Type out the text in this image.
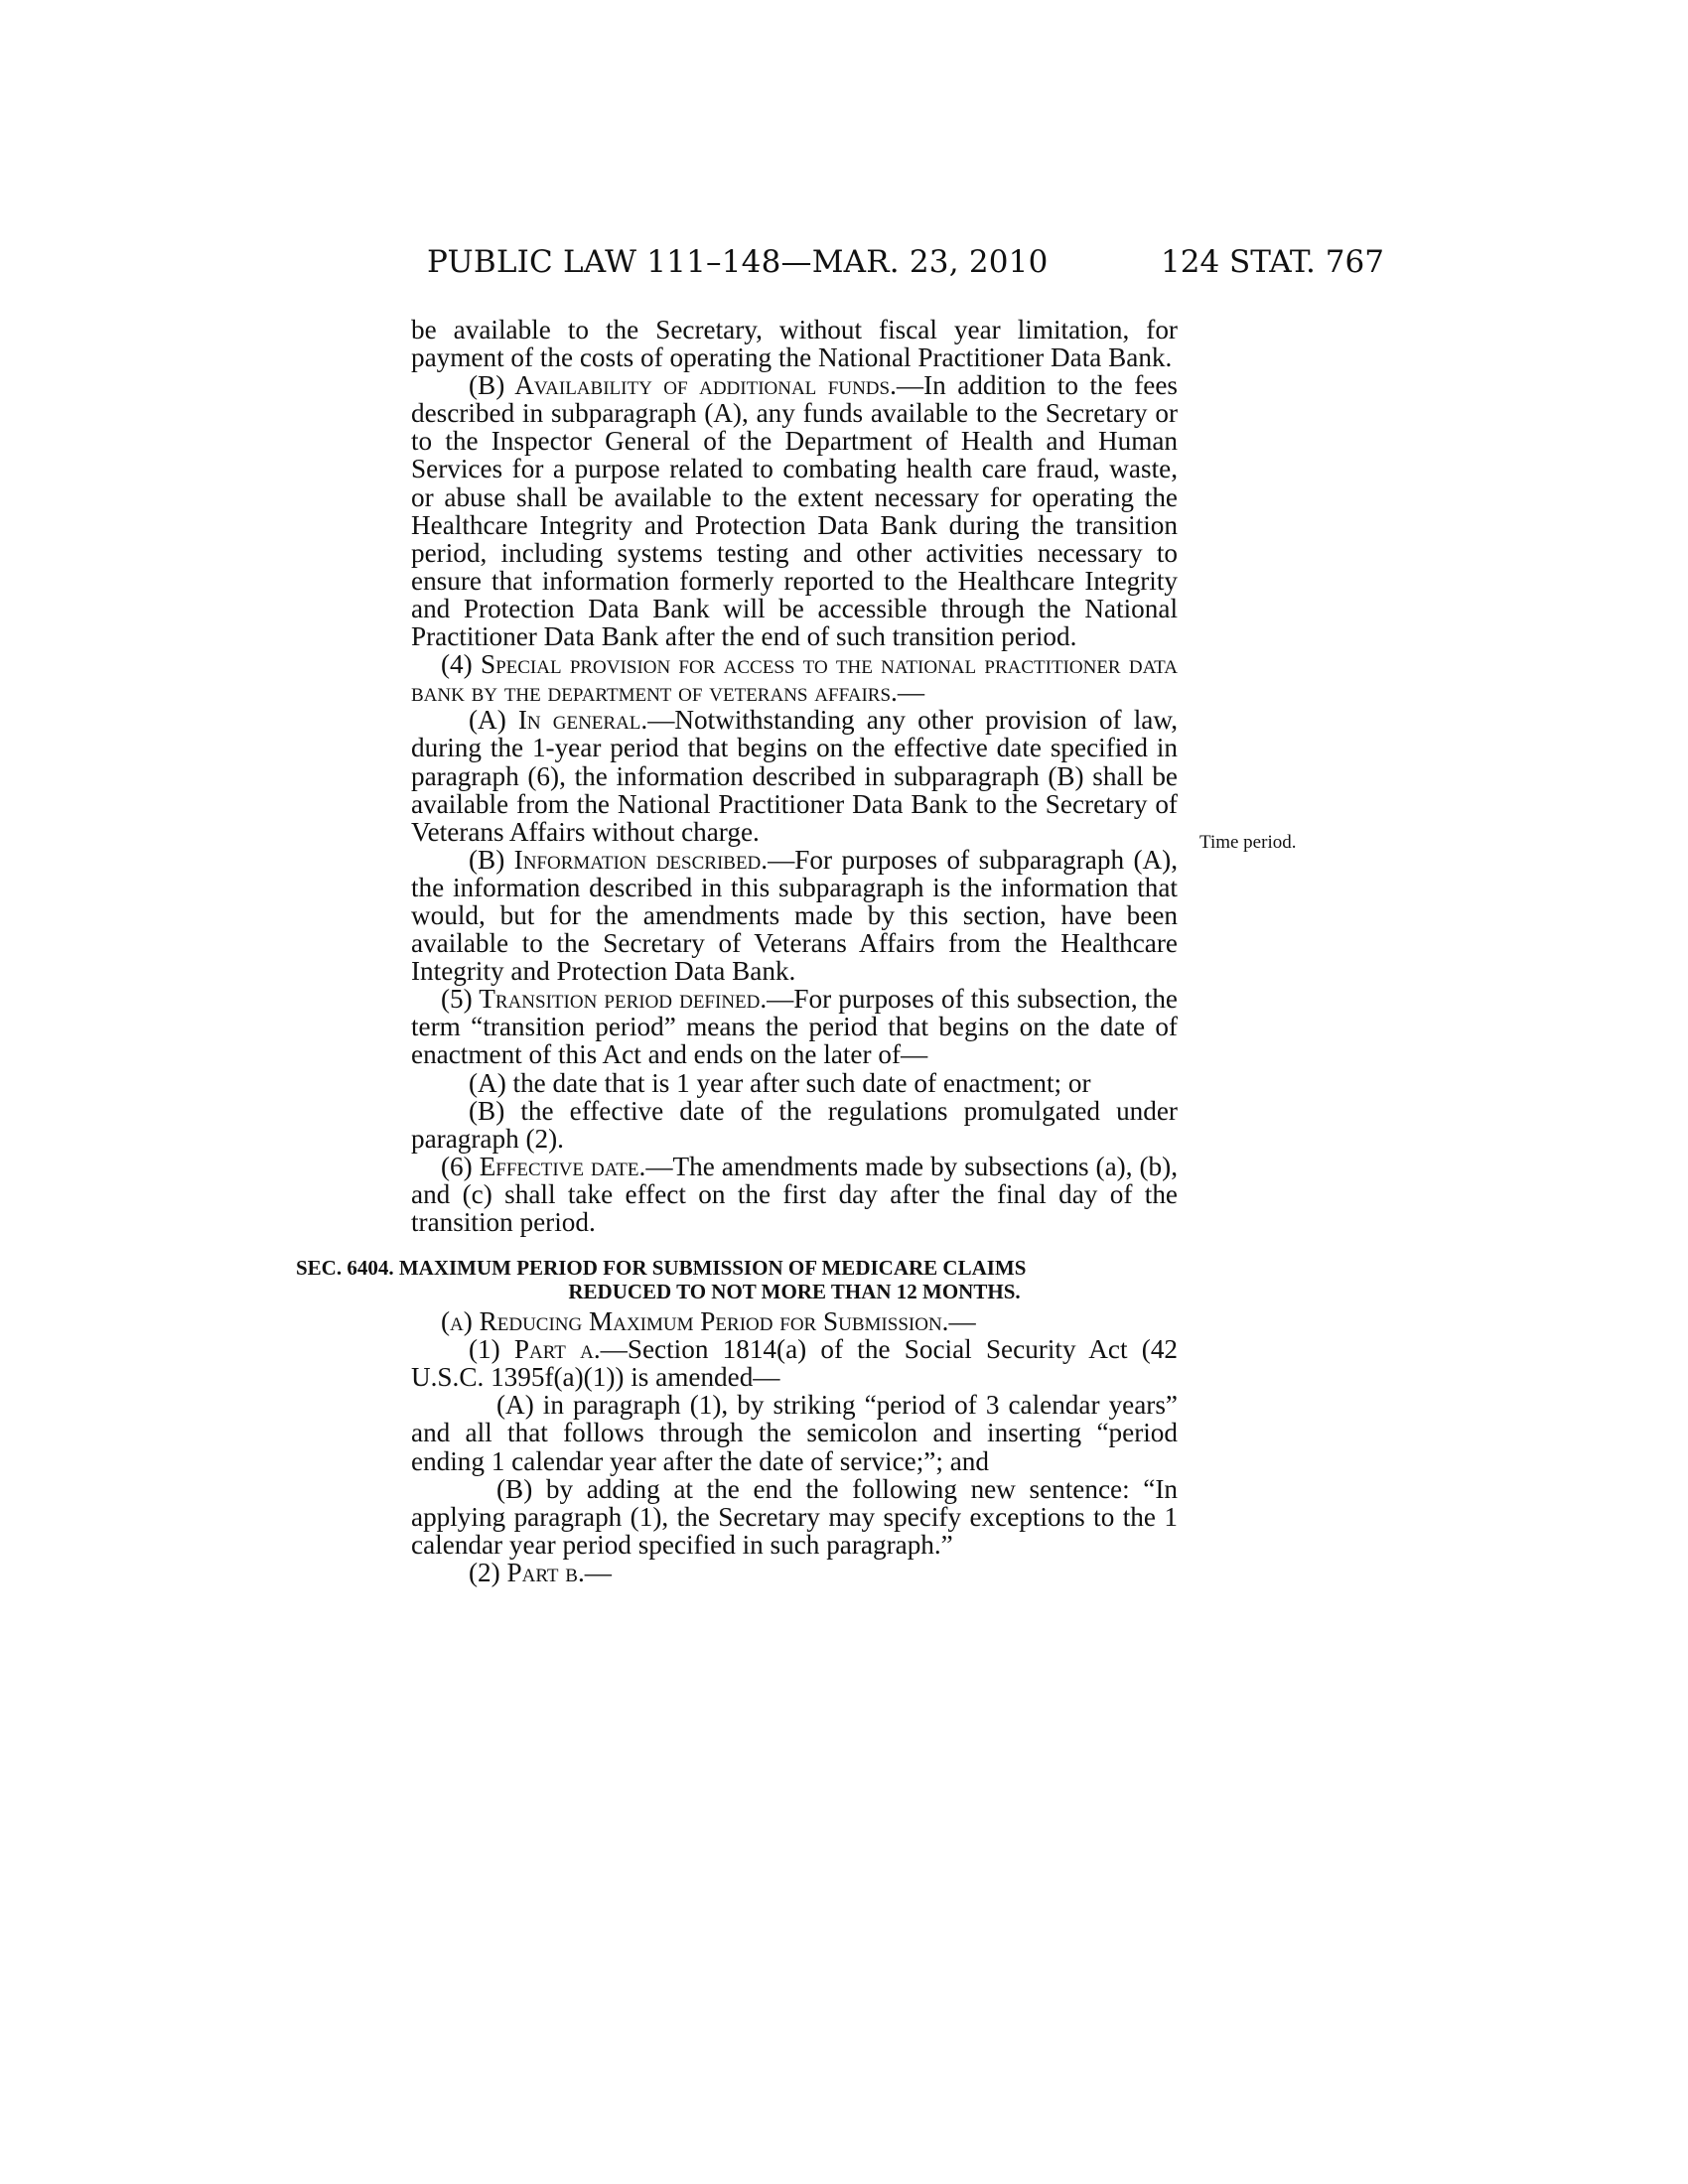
PUBLIC LAW 111–148—MAR. 23, 2010	124 STAT. 767

be available to the Secretary, without fiscal year limitation, for payment of the costs of operating the National Practitioner Data Bank.

(B) Availability of additional funds.—In addition to the fees described in subparagraph (A), any funds available to the Secretary or to the Inspector General of the Department of Health and Human Services for a purpose related to combating health care fraud, waste, or abuse shall be available to the extent necessary for operating the Healthcare Integrity and Protection Data Bank during the transition period, including systems testing and other activities necessary to ensure that information formerly reported to the Healthcare Integrity and Protection Data Bank will be accessible through the National Practitioner Data Bank after the end of such transition period.

(4) Special provision for access to the national practitioner data bank by the department of veterans affairs.—

(A) In general.—Notwithstanding any other provision of law, during the 1-year period that begins on the effective date specified in paragraph (6), the information described in subparagraph (B) shall be available from the National Practitioner Data Bank to the Secretary of Veterans Affairs without charge.

(B) Information described.—For purposes of subparagraph (A), the information described in this subparagraph is the information that would, but for the amendments made by this section, have been available to the Secretary of Veterans Affairs from the Healthcare Integrity and Protection Data Bank.

(5) Transition period defined.—For purposes of this subsection, the term “transition period” means the period that begins on the date of enactment of this Act and ends on the later of—

(A) the date that is 1 year after such date of enactment; or

(B) the effective date of the regulations promulgated under paragraph (2).

(6) Effective date.—The amendments made by subsections (a), (b), and (c) shall take effect on the first day after the final day of the transition period.

SEC. 6404. MAXIMUM PERIOD FOR SUBMISSION OF MEDICARE CLAIMS
REDUCED TO NOT MORE THAN 12 MONTHS.

(a) Reducing Maximum Period for Submission.—

(1) Part a.—Section 1814(a) of the Social Security Act (42 U.S.C. 1395f(a)(1)) is amended—

(A) in paragraph (1), by striking “period of 3 calendar years” and all that follows through the semicolon and inserting “period ending 1 calendar year after the date of service;”; and

(B) by adding at the end the following new sentence: “In applying paragraph (1), the Secretary may specify exceptions to the 1 calendar year period specified in such paragraph.”

(2) Part b.—

Time period.
